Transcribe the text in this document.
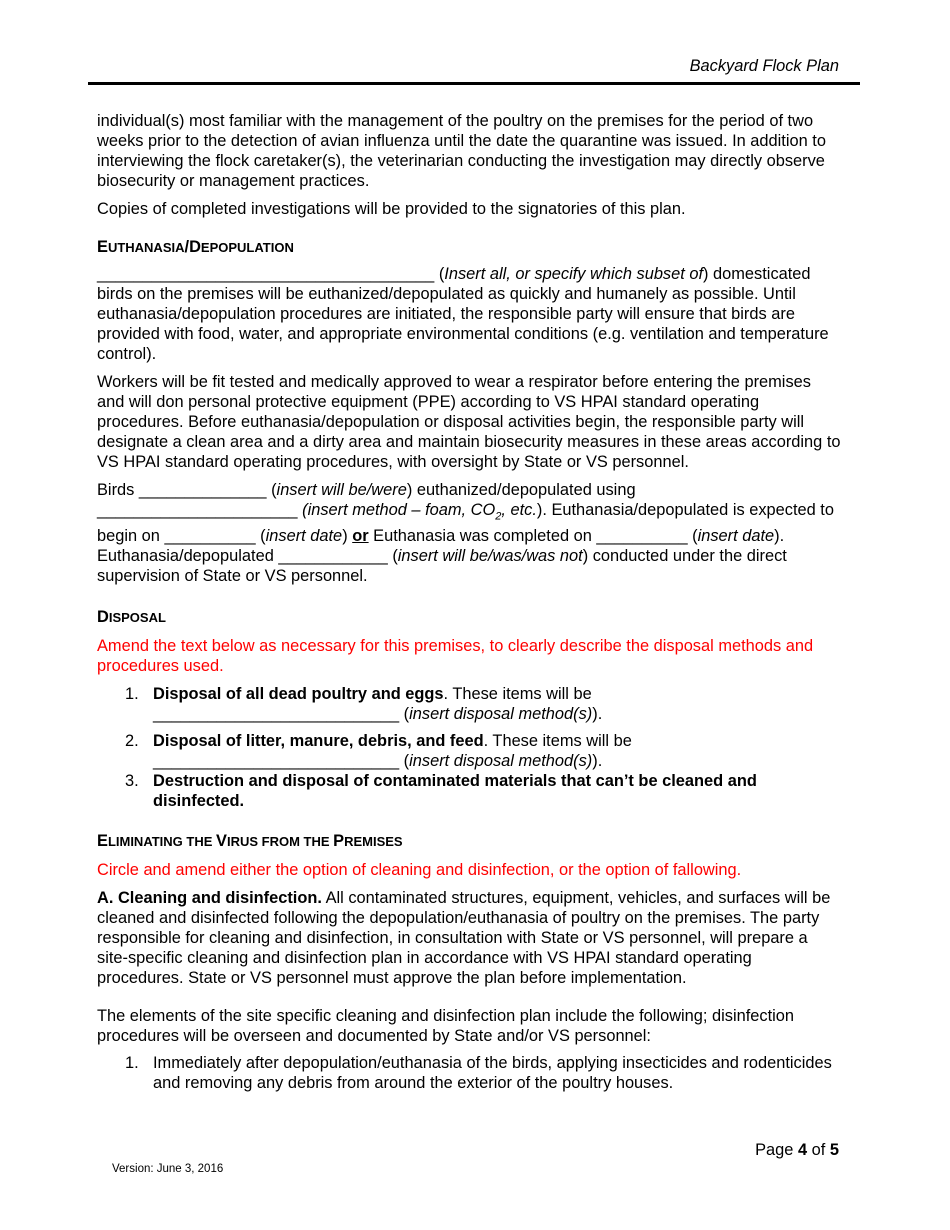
Backyard Flock Plan

individual(s) most familiar with the management of the poultry on the premises for the period of two weeks prior to the detection of avian influenza until the date the quarantine was issued. In addition to interviewing the flock caretaker(s), the veterinarian conducting the investigation may directly observe biosecurity or management practices.

Copies of completed investigations will be provided to the signatories of this plan.

EUTHANASIA/DEPOPULATION

_____________________________________ (Insert all, or specify which subset of) domesticated birds on the premises will be euthanized/depopulated as quickly and humanely as possible. Until euthanasia/depopulation procedures are initiated, the responsible party will ensure that birds are provided with food, water, and appropriate environmental conditions (e.g. ventilation and temperature control).

Workers will be fit tested and medically approved to wear a respirator before entering the premises and will don personal protective equipment (PPE) according to VS HPAI standard operating procedures. Before euthanasia/depopulation or disposal activities begin, the responsible party will designate a clean area and a dirty area and maintain biosecurity measures in these areas according to VS HPAI standard operating procedures, with oversight by State or VS personnel.

Birds ______________ (insert will be/were) euthanized/depopulated using
______________________ (insert method – foam, $CO_2$, etc.). Euthanasia/depopulated is expected to begin on __________ (insert date) or Euthanasia was completed on __________ (insert date). Euthanasia/depopulated ____________ (insert will be/was/was not) conducted under the direct supervision of State or VS personnel.

DISPOSAL

Amend the text below as necessary for this premises, to clearly describe the disposal methods and procedures used.

1. Disposal of all dead poultry and eggs. These items will be
___________________________ (insert disposal method(s)).
2. Disposal of litter, manure, debris, and feed. These items will be
___________________________ (insert disposal method(s)).
3. Destruction and disposal of contaminated materials that can’t be cleaned and disinfected.

ELIMINATING THE VIRUS FROM THE PREMISES

Circle and amend either the option of cleaning and disinfection, or the option of fallowing.

A. Cleaning and disinfection. All contaminated structures, equipment, vehicles, and surfaces will be cleaned and disinfected following the depopulation/euthanasia of poultry on the premises. The party responsible for cleaning and disinfection, in consultation with State or VS personnel, will prepare a site-specific cleaning and disinfection plan in accordance with VS HPAI standard operating procedures. State or VS personnel must approve the plan before implementation.

The elements of the site specific cleaning and disinfection plan include the following; disinfection procedures will be overseen and documented by State and/or VS personnel:

1. Immediately after depopulation/euthanasia of the birds, applying insecticides and rodenticides and removing any debris from around the exterior of the poultry houses.
Page 4 of 5
Version: June 3, 2016
